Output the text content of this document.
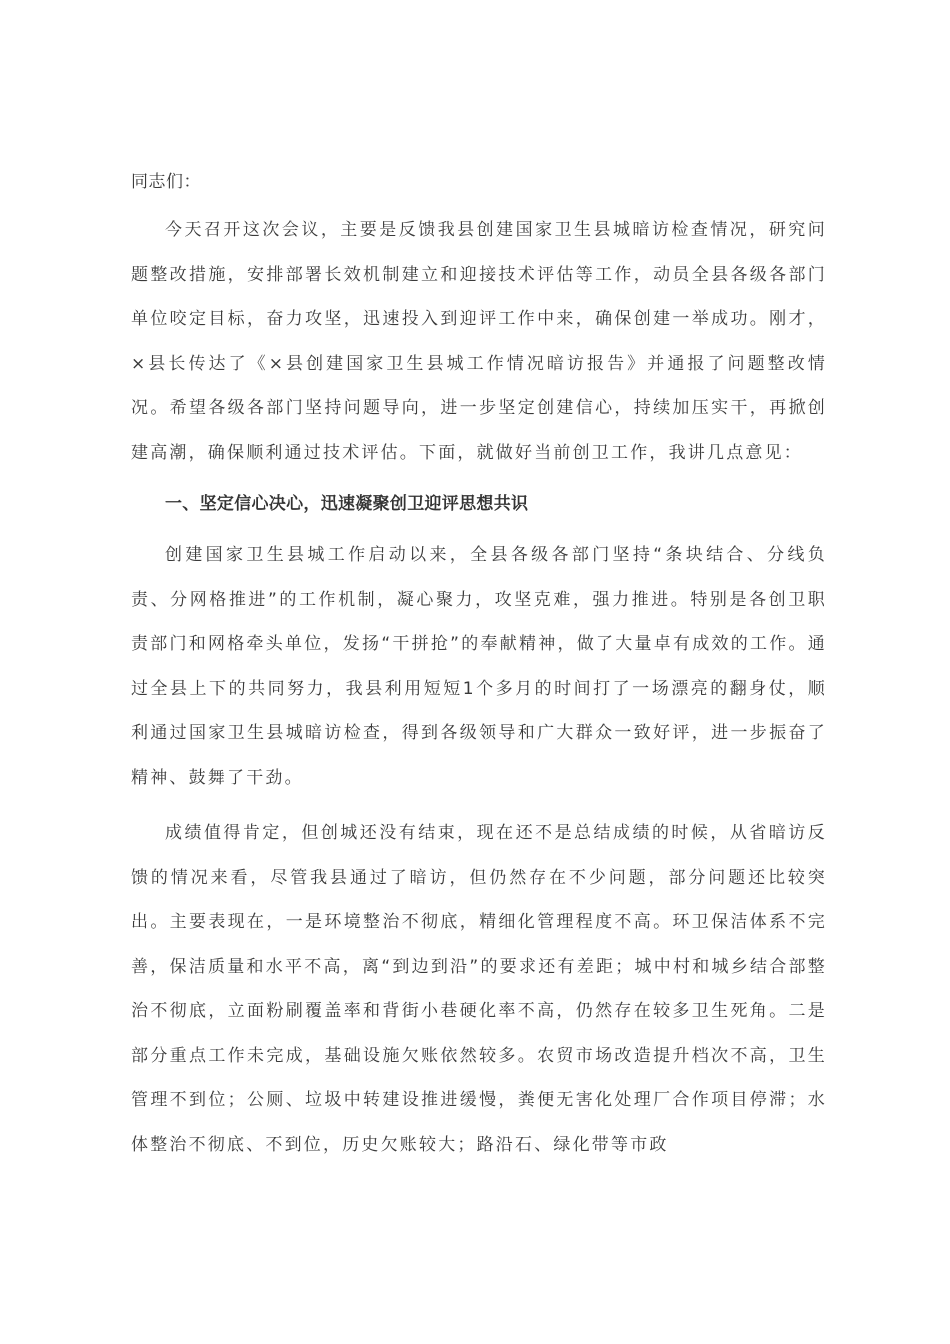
同志们：

今天召开这次会议，主要是反馈我县创建国家卫生县城暗访检查情况，研究问题整改措施，安排部署长效机制建立和迎接技术评估等工作，动员全县各级各部门单位咬定目标，奋力攻坚，迅速投入到迎评工作中来，确保创建一举成功。刚才，×县长传达了《×县创建国家卫生县城工作情况暗访报告》并通报了问题整改情况。希望各级各部门坚持问题导向，进一步坚定创建信心，持续加压实干，再掀创建高潮，确保顺利通过技术评估。下面，就做好当前创卫工作，我讲几点意见：

一、坚定信心决心，迅速凝聚创卫迎评思想共识

创建国家卫生县城工作启动以来，全县各级各部门坚持“条块结合、分线负责、分网格推进”的工作机制，凝心聚力，攻坚克难，强力推进。特别是各创卫职责部门和网格牵头单位，发扬“干拼抢”的奉献精神，做了大量卓有成效的工作。通过全县上下的共同努力，我县利用短短1个多月的时间打了一场漂亮的翻身仗，顺利通过国家卫生县城暗访检查，得到各级领导和广大群众一致好评，进一步振奋了精神、鼓舞了干劲。

成绩值得肯定，但创城还没有结束，现在还不是总结成绩的时候，从省暗访反馈的情况来看，尽管我县通过了暗访，但仍然存在不少问题，部分问题还比较突出。主要表现在，一是环境整治不彻底，精细化管理程度不高。环卫保洁体系不完善，保洁质量和水平不高，离“到边到沿”的要求还有差距；城中村和城乡结合部整治不彻底，立面粉刷覆盖率和背街小巷硬化率不高，仍然存在较多卫生死角。二是部分重点工作未完成，基础设施欠账依然较多。农贸市场改造提升档次不高，卫生管理不到位；公厕、垃圾中转建设推进缓慢，粪便无害化处理厂合作项目停滞；水体整治不彻底、不到位，历史欠账较大；路沿石、绿化带等市政
